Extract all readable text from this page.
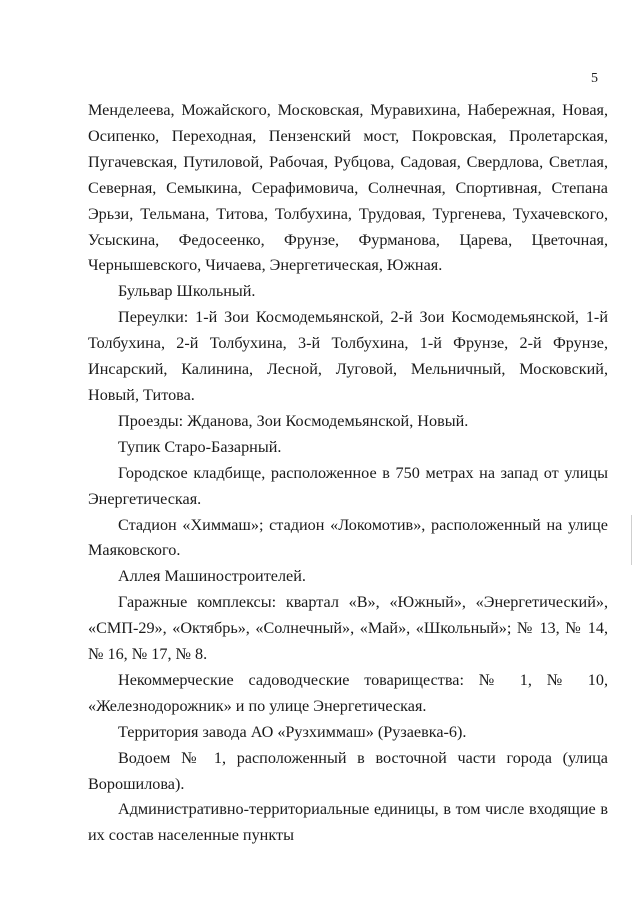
5

Менделеева, Можайского, Московская, Муравихина, Набережная, Новая, Осипенко, Переходная, Пензенский мост, Покровская, Пролетарская, Пугачевская, Путиловой, Рабочая, Рубцова, Садовая, Свердлова, Светлая, Северная, Семыкина, Серафимовича, Солнечная, Спортивная, Степана Эрьзи, Тельмана, Титова, Толбухина, Трудовая, Тургенева, Тухачевского, Усыскина, Федосеенко, Фрунзе, Фурманова, Царева, Цветочная, Чернышевского, Чичаева, Энергетическая, Южная.

Бульвар Школьный.

Переулки: 1-й Зои Космодемьянской, 2-й Зои Космодемьянской, 1-й Толбухина, 2-й Толбухина, 3-й Толбухина, 1-й Фрунзе, 2-й Фрунзе, Инсарский, Калинина, Лесной, Луговой, Мельничный, Московский, Новый, Титова.

Проезды: Жданова, Зои Космодемьянской, Новый.

Тупик Старо-Базарный.

Городское кладбище, расположенное в 750 метрах на запад от улицы Энергетическая.

Стадион «Химмаш»; стадион «Локомотив», расположенный на улице Маяковского.

Аллея Машиностроителей.

Гаражные комплексы: квартал «В», «Южный», «Энергетический», «СМП-29», «Октябрь», «Солнечный», «Май», «Школьный»; № 13, № 14, № 16, № 17, № 8.

Некоммерческие садоводческие товарищества: № 1, № 10, «Железнодорожник» и по улице Энергетическая.

Территория завода АО «Рузхиммаш» (Рузаевка-6).

Водоем № 1, расположенный в восточной части города (улица Ворошилова).

Административно-территориальные единицы, в том числе входящие в их состав населенные пункты
